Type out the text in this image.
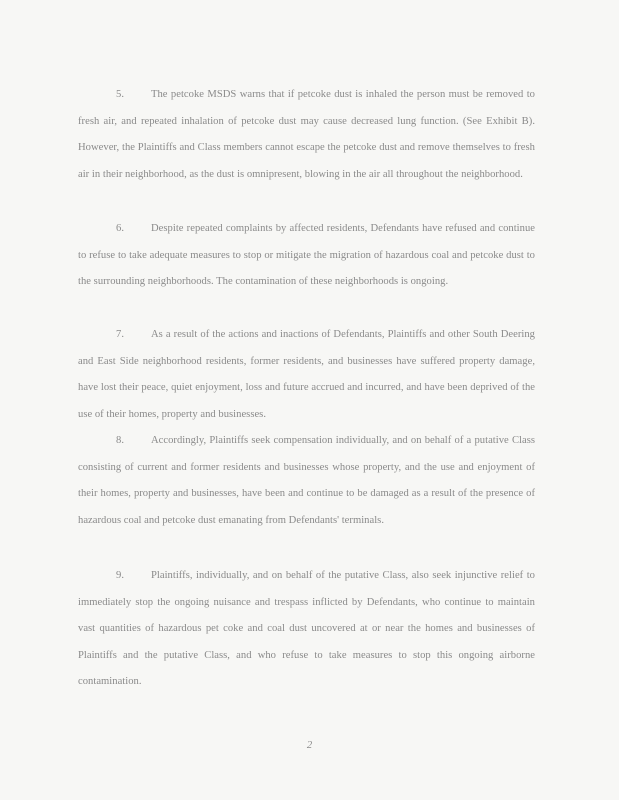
5.	The petcoke MSDS warns that if petcoke dust is inhaled the person must be removed to fresh air, and repeated inhalation of petcoke dust may cause decreased lung function. (See Exhibit B). However, the Plaintiffs and Class members cannot escape the petcoke dust and remove themselves to fresh air in their neighborhood, as the dust is omnipresent, blowing in the air all throughout the neighborhood.

6.	Despite repeated complaints by affected residents, Defendants have refused and continue to refuse to take adequate measures to stop or mitigate the migration of hazardous coal and petcoke dust to the surrounding neighborhoods. The contamination of these neighborhoods is ongoing.

7.	As a result of the actions and inactions of Defendants, Plaintiffs and other South Deering and East Side neighborhood residents, former residents, and businesses have suffered property damage, have lost their peace, quiet enjoyment, loss and future accrued and incurred, and have been deprived of the use of their homes, property and businesses.

8.	Accordingly, Plaintiffs seek compensation individually, and on behalf of a putative Class consisting of current and former residents and businesses whose property, and the use and enjoyment of their homes, property and businesses, have been and continue to be damaged as a result of the presence of hazardous coal and petcoke dust emanating from Defendants' terminals.

9.	Plaintiffs, individually, and on behalf of the putative Class, also seek injunctive relief to immediately stop the ongoing nuisance and trespass inflicted by Defendants, who continue to maintain vast quantities of hazardous pet coke and coal dust uncovered at or near the homes and businesses of Plaintiffs and the putative Class, and who refuse to take measures to stop this ongoing airborne contamination.

2
